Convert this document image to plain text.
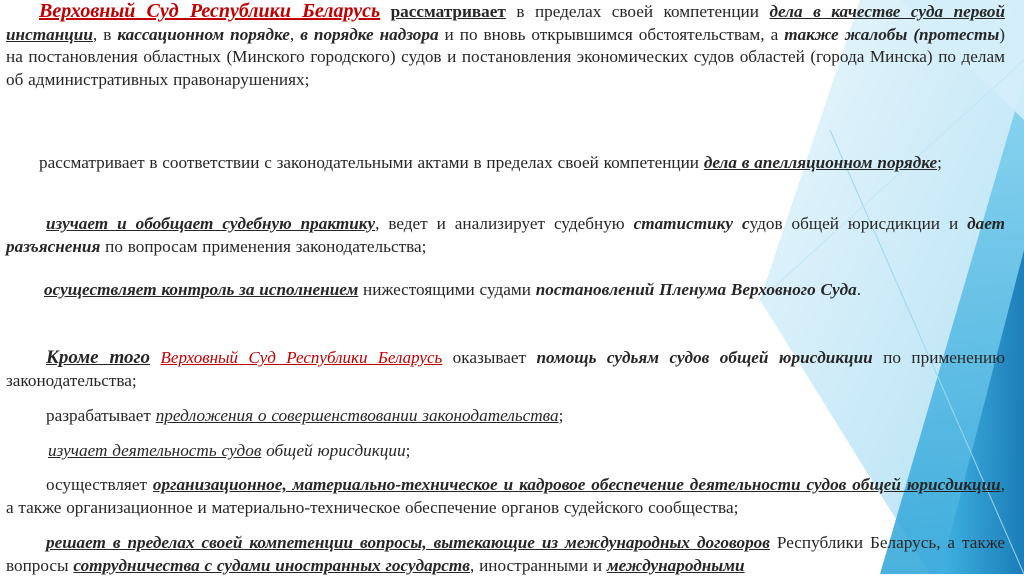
Верховный Суд Республики Беларусь рассматривает в пределах своей компетенции дела в качестве суда первой инстанции, в кассационном порядке, в порядке надзора и по вновь открывшимся обстоятельствам, а также жалобы (протесты) на постановления областных (Минского городского) судов и постановления экономических судов областей (города Минска) по делам об административных правонарушениях;

рассматривает в соответствии с законодательными актами в пределах своей компетенции дела в апелляционном порядке;

изучает и обобщает судебную практику, ведет и анализирует судебную статистику судов общей юрисдикции и дает разъяснения по вопросам применения законодательства;

осуществляет контроль за исполнением нижестоящими судами постановлений Пленума Верховного Суда.

Кроме того Верховный Суд Республики Беларусь оказывает помощь судьям судов общей юрисдикции по применению законодательства;

разрабатывает предложения о совершенствовании законодательства;

изучает деятельность судов общей юрисдикции;

осуществляет организационное, материально-техническое и кадровое обеспечение деятельности судов общей юрисдикции, а также организационное и материально-техническое обеспечение органов судейского сообщества;

решает в пределах своей компетенции вопросы, вытекающие из международных договоров Республики Беларусь, а также вопросы сотрудничества с судами иностранных государств, иностранными и международными
